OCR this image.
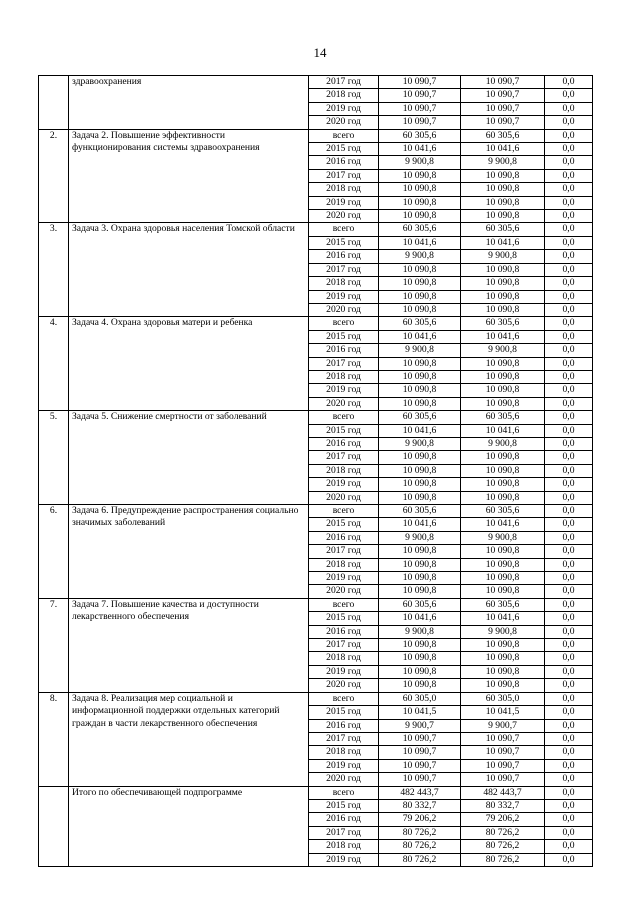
14
	здравоохранения	2017 год	10 090,7	10 090,7	0,0
		2018 год	10 090,7	10 090,7	0,0
		2019 год	10 090,7	10 090,7	0,0
		2020 год	10 090,7	10 090,7	0,0
2.	Задача 2. Повышение эффективности функционирования системы здравоохранения	всего	60 305,6	60 305,6	0,0
		2015 год	10 041,6	10 041,6	0,0
		2016 год	9 900,8	9 900,8	0,0
		2017 год	10 090,8	10 090,8	0,0
		2018 год	10 090,8	10 090,8	0,0
		2019 год	10 090,8	10 090,8	0,0
		2020 год	10 090,8	10 090,8	0,0
3.	Задача 3. Охрана здоровья населения Томской области	всего	60 305,6	60 305,6	0,0
		2015 год	10 041,6	10 041,6	0,0
		2016 год	9 900,8	9 900,8	0,0
		2017 год	10 090,8	10 090,8	0,0
		2018 год	10 090,8	10 090,8	0,0
		2019 год	10 090,8	10 090,8	0,0
		2020 год	10 090,8	10 090,8	0,0
4.	Задача 4. Охрана здоровья матери и ребенка	всего	60 305,6	60 305,6	0,0
		2015 год	10 041,6	10 041,6	0,0
		2016 год	9 900,8	9 900,8	0,0
		2017 год	10 090,8	10 090,8	0,0
		2018 год	10 090,8	10 090,8	0,0
		2019 год	10 090,8	10 090,8	0,0
		2020 год	10 090,8	10 090,8	0,0
5.	Задача 5. Снижение смертности от заболеваний	всего	60 305,6	60 305,6	0,0
		2015 год	10 041,6	10 041,6	0,0
		2016 год	9 900,8	9 900,8	0,0
		2017 год	10 090,8	10 090,8	0,0
		2018 год	10 090,8	10 090,8	0,0
		2019 год	10 090,8	10 090,8	0,0
		2020 год	10 090,8	10 090,8	0,0
6.	Задача 6. Предупреждение распространения социально значимых заболеваний	всего	60 305,6	60 305,6	0,0
		2015 год	10 041,6	10 041,6	0,0
		2016 год	9 900,8	9 900,8	0,0
		2017 год	10 090,8	10 090,8	0,0
		2018 год	10 090,8	10 090,8	0,0
		2019 год	10 090,8	10 090,8	0,0
		2020 год	10 090,8	10 090,8	0,0
7.	Задача 7. Повышение качества и доступности лекарственного обеспечения	всего	60 305,6	60 305,6	0,0
		2015 год	10 041,6	10 041,6	0,0
		2016 год	9 900,8	9 900,8	0,0
		2017 год	10 090,8	10 090,8	0,0
		2018 год	10 090,8	10 090,8	0,0
		2019 год	10 090,8	10 090,8	0,0
		2020 год	10 090,8	10 090,8	0,0
8.	Задача 8. Реализация мер социальной и информационной поддержки отдельных категорий граждан в части лекарственного обеспечения	всего	60 305,0	60 305,0	0,0
		2015 год	10 041,5	10 041,5	0,0
		2016 год	9 900,7	9 900,7	0,0
		2017 год	10 090,7	10 090,7	0,0
		2018 год	10 090,7	10 090,7	0,0
		2019 год	10 090,7	10 090,7	0,0
		2020 год	10 090,7	10 090,7	0,0
	Итого по обеспечивающей подпрограмме	всего	482 443,7	482 443,7	0,0
		2015 год	80 332,7	80 332,7	0,0
		2016 год	79 206,2	79 206,2	0,0
		2017 год	80 726,2	80 726,2	0,0
		2018 год	80 726,2	80 726,2	0,0
		2019 год	80 726,2	80 726,2	0,0
